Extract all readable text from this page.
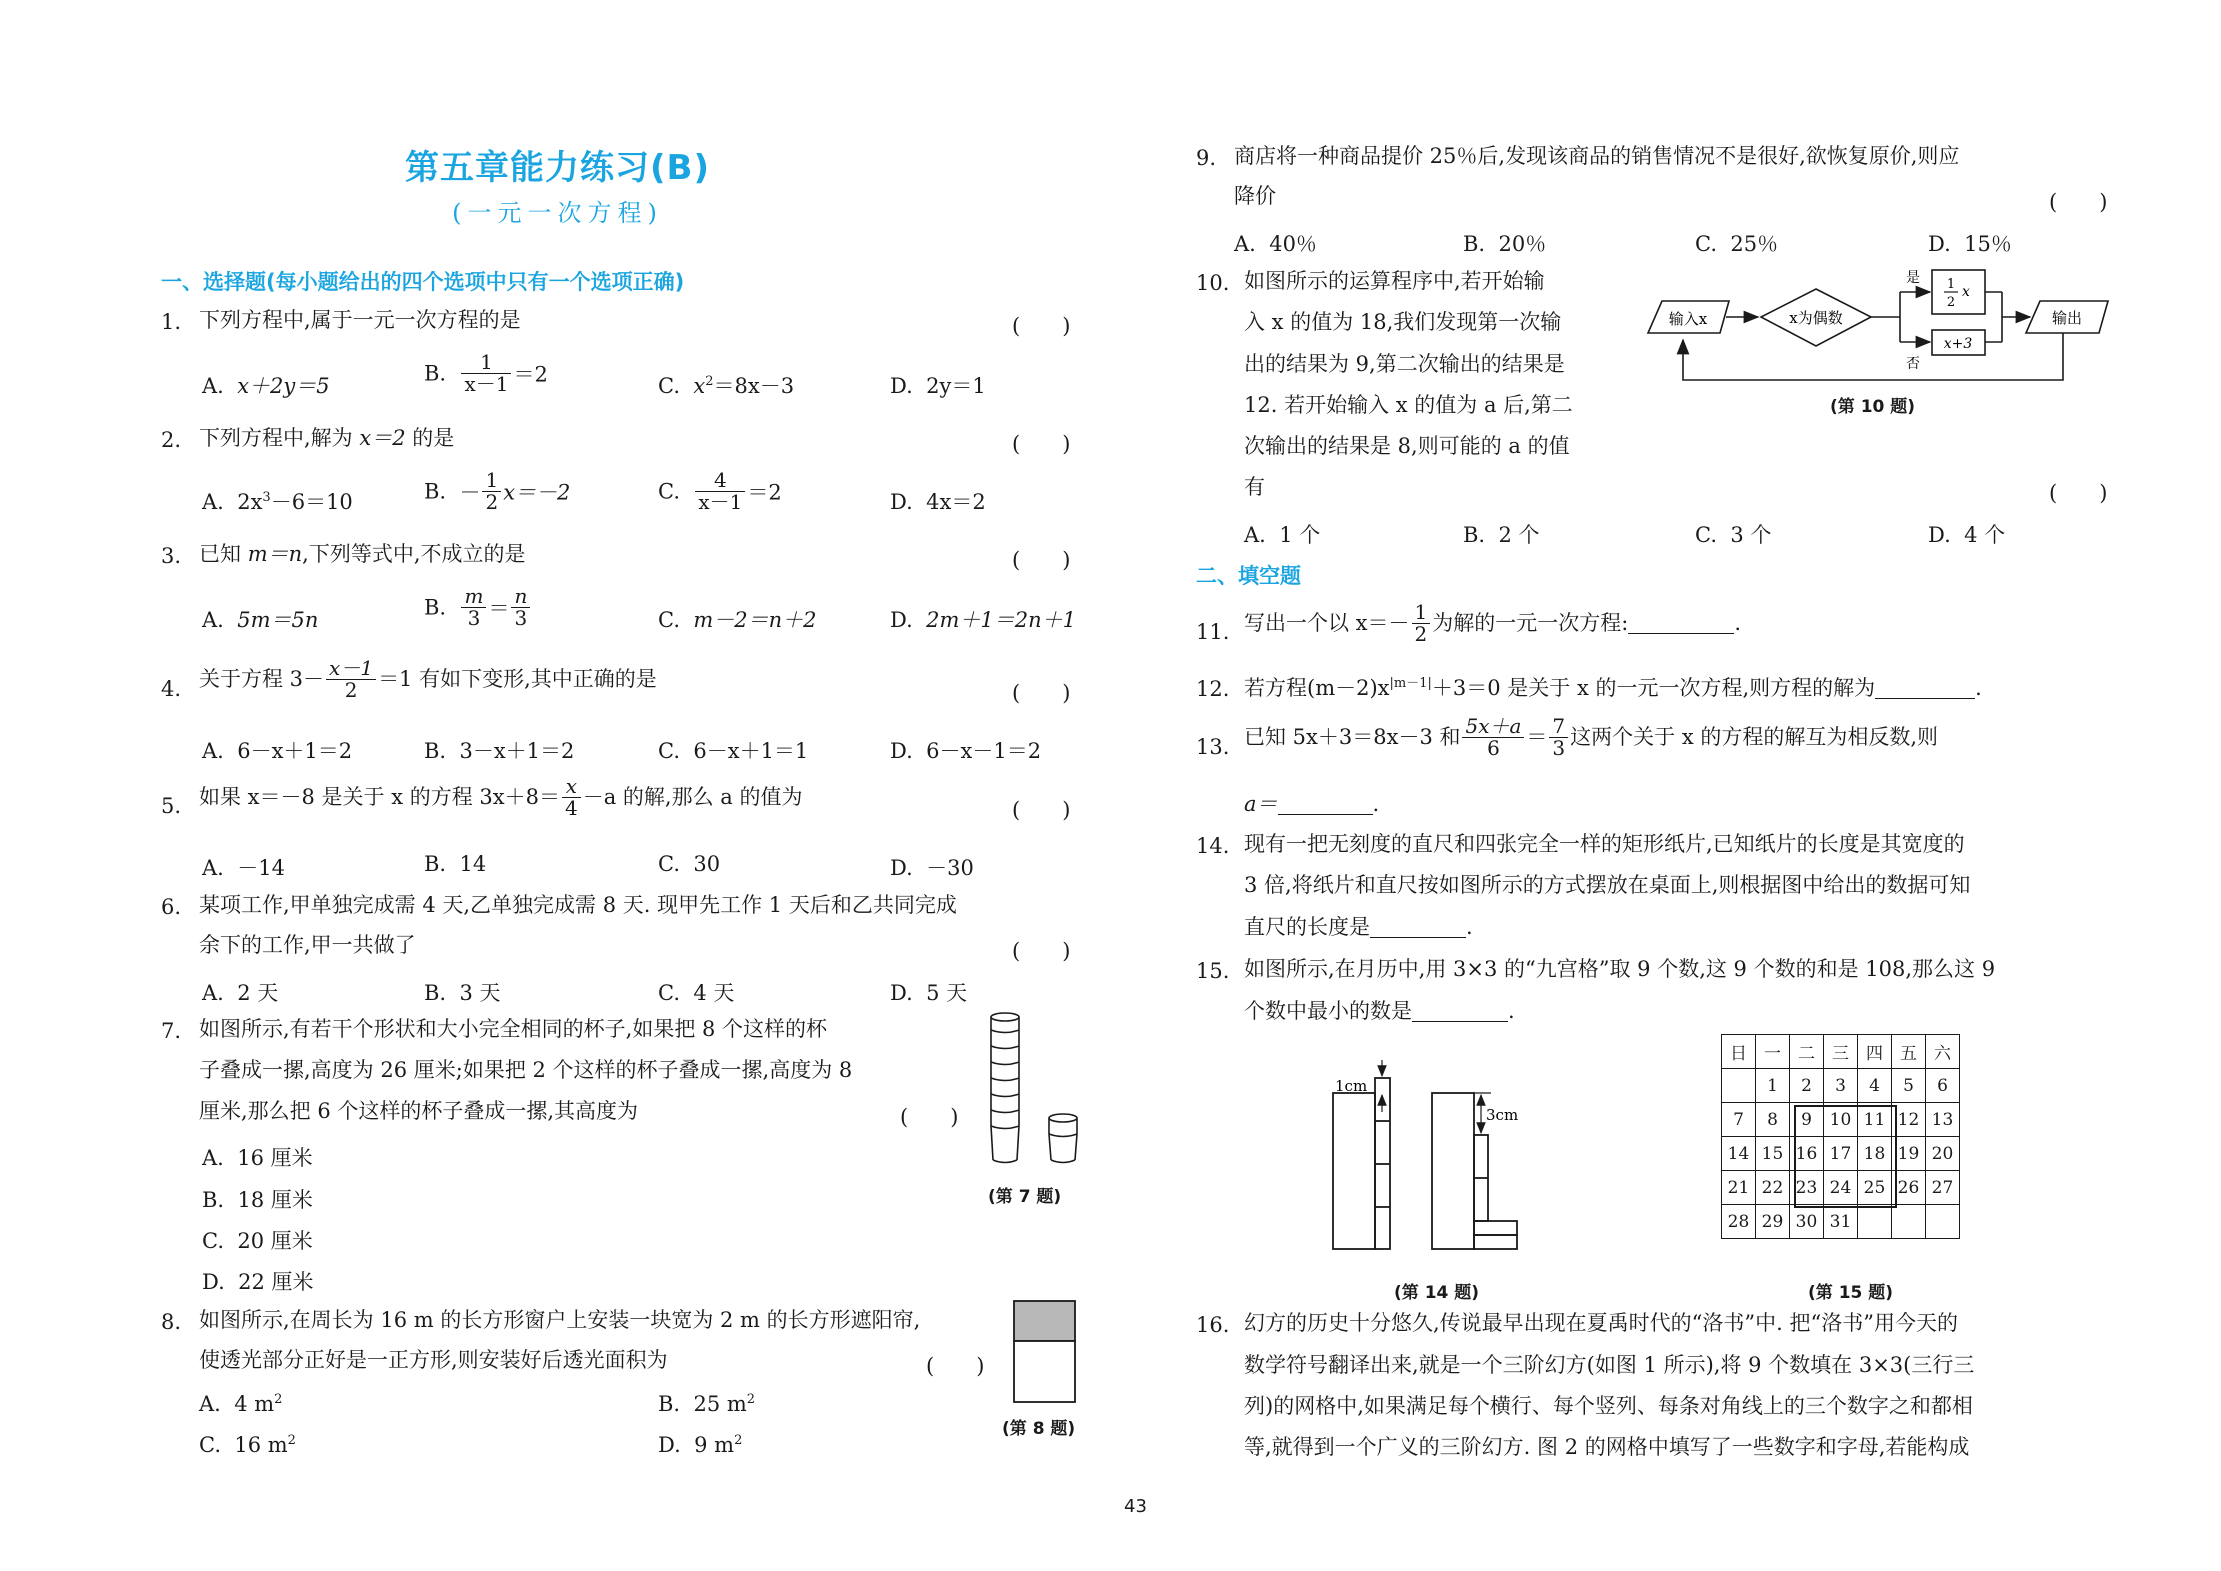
第五章能力练习(B)
(一元一次方程)
一、选择题(每小题给出的四个选项中只有一个选项正确)
1. 下列方程中,属于一元一次方程的是	(　　)
A. x＋2y＝5
B. $\frac{1}{x-1} =2$	C. $x^2=8x-3$	D. 2y＝1
2. 下列方程中,解为 x＝2 的是	(　　)
A. $2x^3-6=10$	B. － $\frac{1}{2} x=-2$	C. $\frac{4}{x-1} =2$	D. 4x＝2
3. 已知 m＝n,下列等式中,不成立的是	(　　)
A. 5m＝5n
B. $\frac{m}{3} = \frac{n}{3}$	C. m－2＝n＋2	D. 2m＋1＝2n＋1
4. 关于方程 $3- \frac{x-1}{2} =1$ 有如下变形,其中正确的是
(　　)
A. 6－x＋1＝2	B. 3－x＋1＝2	C. 6－x＋1＝1	D. 6－x－1＝2
5. 如果 x＝－8 是关于 x 的方程 $3x+8= \frac{x}{4} -a$ 的解,那么 a 的值为
(　　)
A. －14	B. 14	C. 30	D. －30
6. 某项工作,甲单独完成需 4 天,乙单独完成需 8 天. 现甲先工作 1 天后和乙共同完成
余下的工作,甲一共做了	(　　)
A. 2 天	B. 3 天	C. 4 天	D. 5 天
7. 如图所示,有若干个形状和大小完全相同的杯子,如果把 8 个这样的杯
子叠成一摞,高度为 26 厘米;如果把 2 个这样的杯子叠成一摞,高度为 8
厘米,那么把 6 个这样的杯子叠成一摞,其高度为	(　　)
A. 16 厘米
B. 18 厘米
C. 20 厘米
D. 22 厘米
(第 7 题)
8. 如图所示,在周长为 16 m 的长方形窗户上安装一块宽为 2 m 的长方形遮阳帘,
使透光部分正好是一正方形,则安装好后透光面积为	(　　)
A. 4 $m^2$	B. 25 $m^2$
C. 16 $m^2$	D. 9 $m^2$
(第 8 题)
43
9. 商店将一种商品提价 25％后,发现该商品的销售情况不是很好,欲恢复原价,则应
降价	(　　)
A. 40％	B. 20％	C. 25％	D. 15％
10. 如图所示的运算程序中,若开始输
入 x 的值为 18,我们发现第一次输
出的结果为 9,第二次输出的结果是
12. 若开始输入 x 的值为 a 后,第二
次输出的结果是 8,则可能的 a 的值
有	(　　)
A. 1 个	B. 2 个	C. 3 个	D. 4 个
输入x	x为偶数
是
否
1
2
x
x+3
输出
(第 10 题)
二、填空题
11. 写出一个以 $x=- \frac{1}{2}$ 为解的一元一次方程:	.
12. 若方程$(m-2)x^{|m-1|}+3=0$ 是关于 x 的一元一次方程,则方程的解为	.
13. 已知 5x＋3＝8x－3 和 $\frac{5x+a}{6} = \frac{7}{3}$ 这两个关于 x 的方程的解互为相反数,则
a＝	.
14. 现有一把无刻度的直尺和四张完全一样的矩形纸片,已知纸片的长度是其宽度的
3 倍,将纸片和直尺按如图所示的方式摆放在桌面上,则根据图中给出的数据可知
直尺的长度是	.
1cm
3cm
(第 14 题)
15. 如图所示,在月历中,用 3×3 的“九宫格”取 9 个数,这 9 个数的和是 108,那么这 9
个数中最小的数是	.
日	一	二	三	四	五	六
	1	2	3	4	5	6
7	8	9	10	11	12	13
14	15	16	17	18	19	20
21	22	23	24	25	26	27
28	29	30	31			
(第 15 题)
16. 幻方的历史十分悠久,传说最早出现在夏禹时代的“洛书”中. 把“洛书”用今天的
数学符号翻译出来,就是一个三阶幻方(如图 1 所示),将 9 个数填在 3×3(三行三
列)的网格中,如果满足每个横行、每个竖列、每条对角线上的三个数字之和都相
等,就得到一个广义的三阶幻方. 图 2 的网格中填写了一些数字和字母,若能构成
